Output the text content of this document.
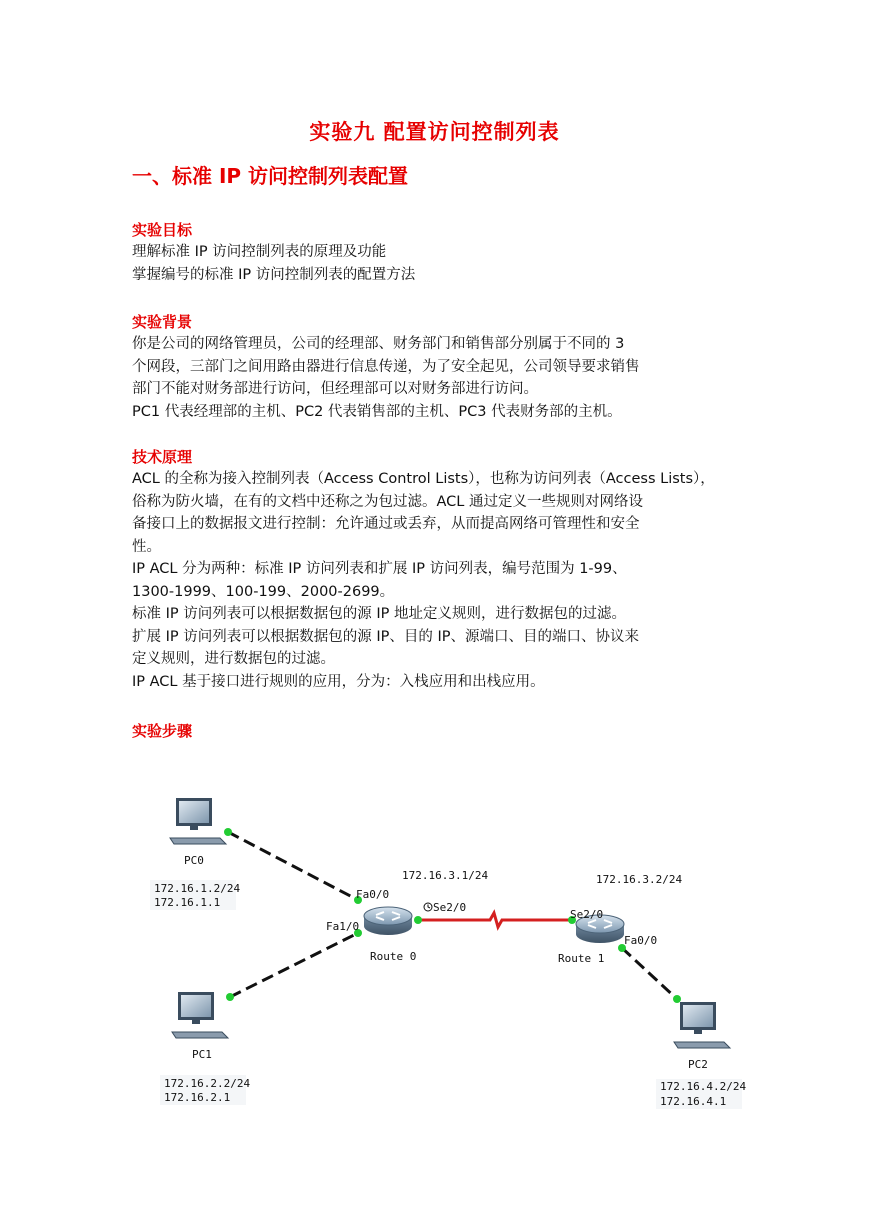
实验九 配置访问控制列表
一、标准 IP 访问控制列表配置

实验目标

理解标准 IP 访问控制列表的原理及功能

掌握编号的标准 IP 访问控制列表的配置方法

实验背景

你是公司的网络管理员，公司的经理部、财务部门和销售部分别属于不同的 3

个网段，三部门之间用路由器进行信息传递，为了安全起见，公司领导要求销售

部门不能对财务部进行访问，但经理部可以对财务部进行访问。

PC1 代表经理部的主机、PC2 代表销售部的主机、PC3 代表财务部的主机。

技术原理

ACL 的全称为接入控制列表（Access Control Lists），也称为访问列表（Access Lists），

俗称为防火墙，在有的文档中还称之为包过滤。ACL 通过定义一些规则对网络设

备接口上的数据报文进行控制：允许通过或丢弃，从而提高网络可管理性和安全

性。

IP ACL 分为两种：标准 IP 访问列表和扩展 IP 访问列表，编号范围为 1-99、

1300-1999、100-199、2000-2699。

标准 IP 访问列表可以根据数据包的源 IP 地址定义规则，进行数据包的过滤。

扩展 IP 访问列表可以根据数据包的源 IP、目的 IP、源端口、目的端口、协议来

定义规则，进行数据包的过滤。

IP ACL 基于接口进行规则的应用，分为：入栈应用和出栈应用。

实验步骤

PC0
172.16.1.2/24
172.16.1.1
PC1
172.16.2.2/24
172.16.2.1
PC2
172.16.4.2/24
172.16.4.1
Fa0/0
Fa1/0
Se2/0
172.16.3.1/24
Route 0
Se2/0
Fa0/0
172.16.3.2/24
Route 1
